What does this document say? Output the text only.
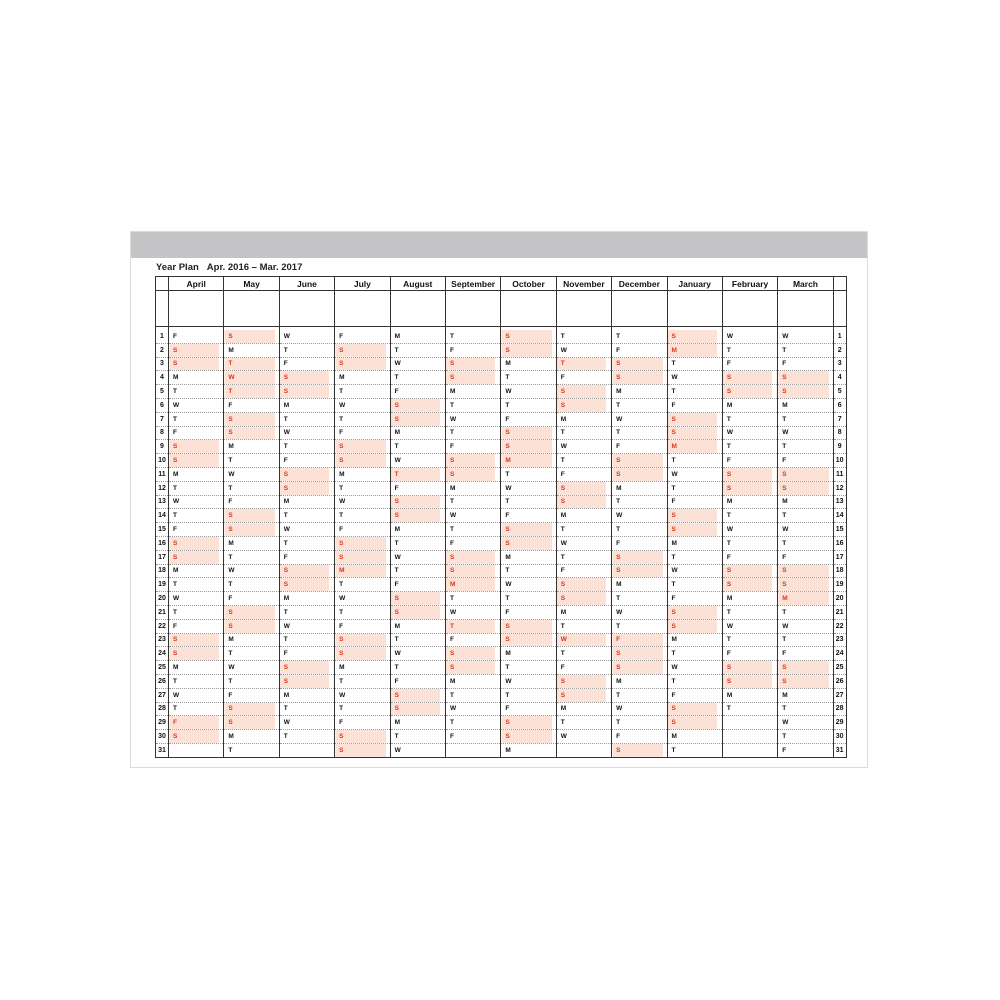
Year Plan Apr. 2016 – Mar. 2017
	April	May	June	July	August	September	October	November	December	January	February	March	

1	F	S	W	F	M	T	S	T	T	S	W	W	1
2	S	M	T	S	T	F	S	W	F	M	T	T	2
3	S	T	F	S	W	S	M	T	S	T	F	F	3
4	M	W	S	M	T	S	T	F	S	W	S	S	4
5	T	T	S	T	F	M	W	S	M	T	S	S	5
6	W	F	M	W	S	T	T	S	T	F	M	M	6
7	T	S	T	T	S	W	F	M	W	S	T	T	7
8	F	S	W	F	M	T	S	T	T	S	W	W	8
9	S	M	T	S	T	F	S	W	F	M	T	T	9
10	S	T	F	S	W	S	M	T	S	T	F	F	10
11	M	W	S	M	T	S	T	F	S	W	S	S	11
12	T	T	S	T	F	M	W	S	M	T	S	S	12
13	W	F	M	W	S	T	T	S	T	F	M	M	13
14	T	S	T	T	S	W	F	M	W	S	T	T	14
15	F	S	W	F	M	T	S	T	T	S	W	W	15
16	S	M	T	S	T	F	S	W	F	M	T	T	16
17	S	T	F	S	W	S	M	T	S	T	F	F	17
18	M	W	S	M	T	S	T	F	S	W	S	S	18
19	T	T	S	T	F	M	W	S	M	T	S	S	19
20	W	F	M	W	S	T	T	S	T	F	M	M	20
21	T	S	T	T	S	W	F	M	W	S	T	T	21
22	F	S	W	F	M	T	S	T	T	S	W	W	22
23	S	M	T	S	T	F	S	W	F	M	T	T	23
24	S	T	F	S	W	S	M	T	S	T	F	F	24
25	M	W	S	M	T	S	T	F	S	W	S	S	25
26	T	T	S	T	F	M	W	S	M	T	S	S	26
27	W	F	M	W	S	T	T	S	T	F	M	M	27
28	T	S	T	T	S	W	F	M	W	S	T	T	28
29	F	S	W	F	M	T	S	T	T	S		W	29
30	S	M	T	S	T	F	S	W	F	M		T	30
31		T		S	W		M		S	T		F	31
